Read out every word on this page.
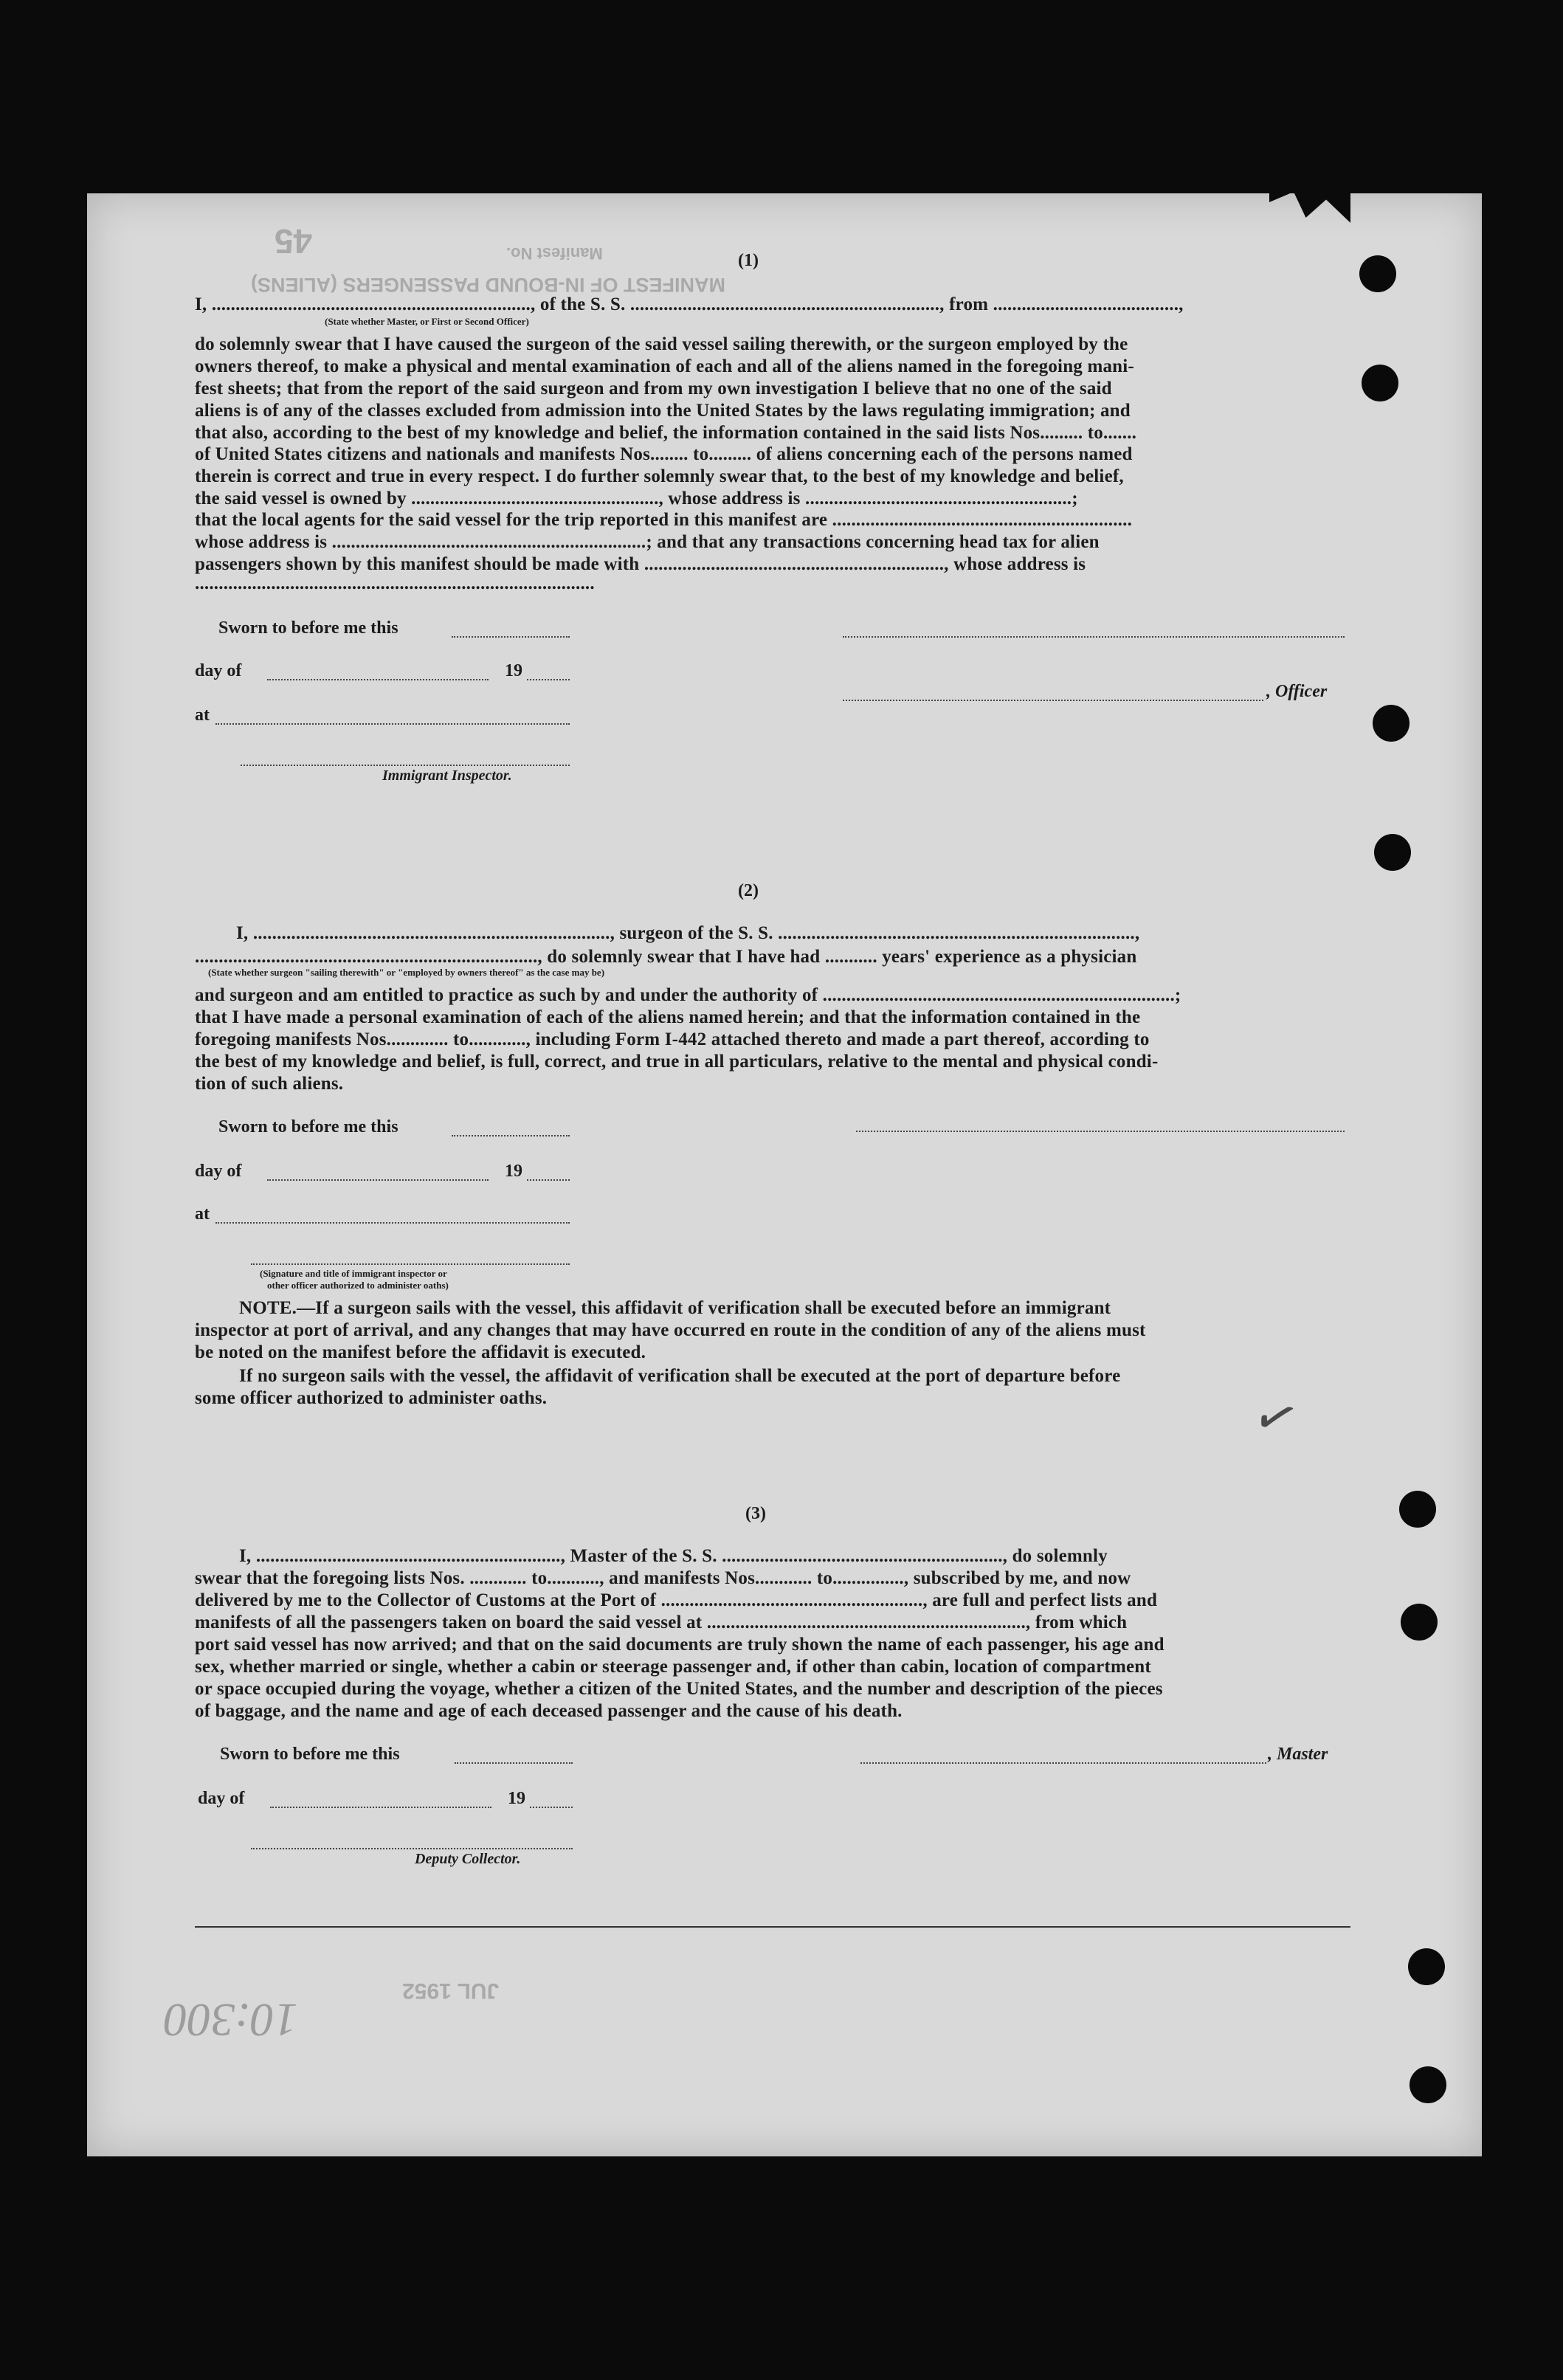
45	Manifest No.
MANIFEST OF IN-BOUND PASSENGERS (ALIENS)
JUL 1952
10:300
(1)
I, ..................................................................., of the S. S. ................................................................., from .......................................,
(State whether Master, or First or Second Officer)
do solemnly swear that I have caused the surgeon of the said vessel sailing therewith, or the surgeon employed by the
owners thereof, to make a physical and mental examination of each and all of the aliens named in the foregoing mani-
fest sheets; that from the report of the said surgeon and from my own investigation I believe that no one of the said
aliens is of any of the classes excluded from admission into the United States by the laws regulating immigration; and
that also, according to the best of my knowledge and belief, the information contained in the said lists Nos......... to.......
of United States citizens and nationals and manifests Nos........ to......... of aliens concerning each of the persons named
therein is correct and true in every respect. I do further solemnly swear that, to the best of my knowledge and belief,
the said vessel is owned by ...................................................., whose address is ........................................................;
that the local agents for the said vessel for the trip reported in this manifest are ...............................................................
whose address is ..................................................................; and that any transactions concerning head tax for alien
passengers shown by this manifest should be made with ..............................................................., whose address is
....................................................................................
Sworn to before me this
day of	19
, Officer
at
Immigrant Inspector.
(2)
I, ..........................................................................., surgeon of the S. S. ...........................................................................,
........................................................................, do solemnly swear that I have had ........... years' experience as a physician
(State whether surgeon "sailing therewith" or "employed by owners thereof" as the case may be)
and surgeon and am entitled to practice as such by and under the authority of ..........................................................................;
that I have made a personal examination of each of the aliens named herein; and that the information contained in the
foregoing manifests Nos............. to............, including Form I-442 attached thereto and made a part thereof, according to
the best of my knowledge and belief, is full, correct, and true in all particulars, relative to the mental and physical condi-
tion of such aliens.
Sworn to before me this
day of	19
at
(Signature and title of immigrant inspector or
other officer authorized to administer oaths)
NOTE.—If a surgeon sails with the vessel, this affidavit of verification shall be executed before an immigrant
inspector at port of arrival, and any changes that may have occurred en route in the condition of any of the aliens must
be noted on the manifest before the affidavit is executed.
If no surgeon sails with the vessel, the affidavit of verification shall be executed at the port of departure before
some officer authorized to administer oaths.	✓
(3)
I, ................................................................, Master of the S. S. ..........................................................., do solemnly
swear that the foregoing lists Nos. ............ to..........., and manifests Nos............ to..............., subscribed by me, and now
delivered by me to the Collector of Customs at the Port of ......................................................., are full and perfect lists and
manifests of all the passengers taken on board the said vessel at ..................................................................., from which
port said vessel has now arrived; and that on the said documents are truly shown the name of each passenger, his age and
sex, whether married or single, whether a cabin or steerage passenger and, if other than cabin, location of compartment
or space occupied during the voyage, whether a citizen of the United States, and the number and description of the pieces
of baggage, and the name and age of each deceased passenger and the cause of his death.
Sworn to before me this	, Master
day of	19
Deputy Collector.
